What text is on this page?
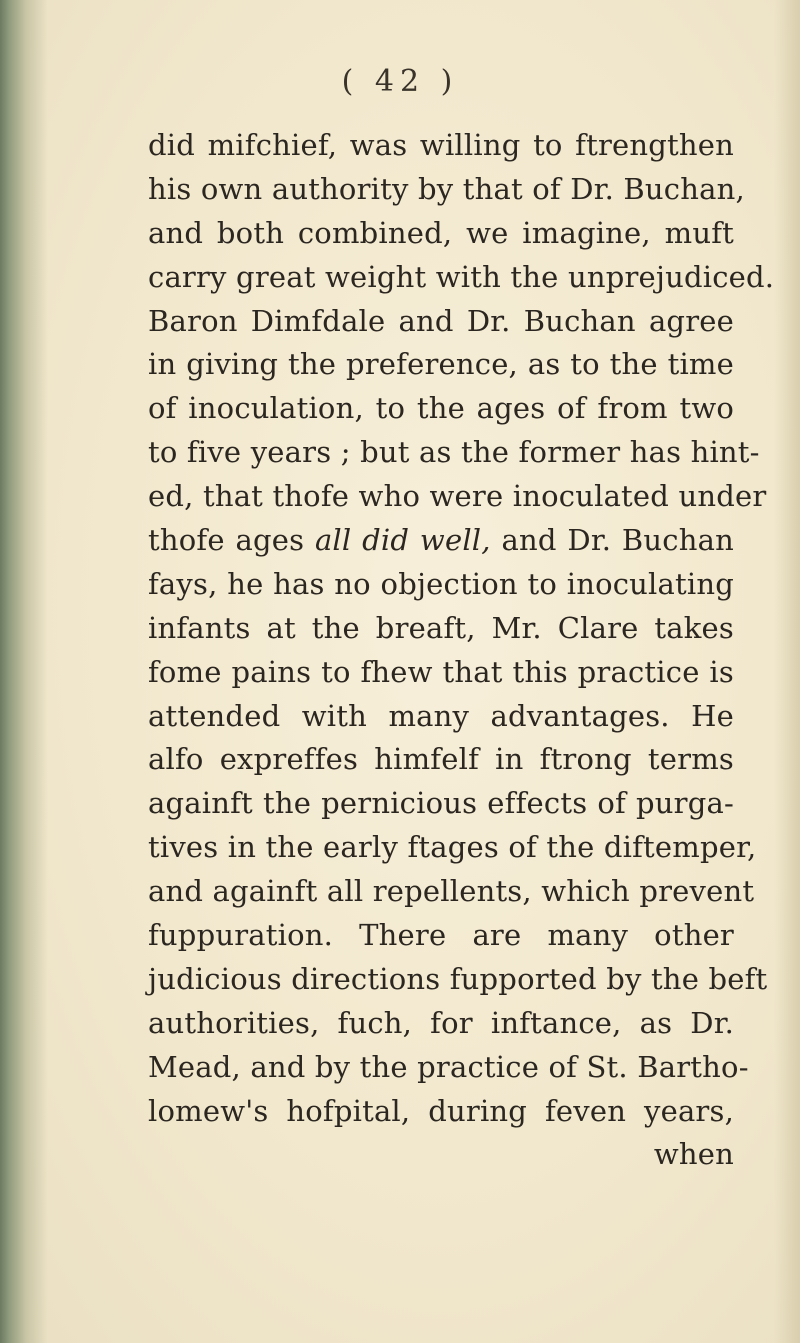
( 42 )
did mifchief, was willing to ftrengthen
his own authority by that of Dr. Buchan,
and both combined, we imagine, muft
carry great weight with the unprejudiced.
Baron Dimfdale and Dr. Buchan agree
in giving the preference, as to the time
of inoculation, to the ages of from two
to five years ; but as the former has hint-
ed, that thofe who were inoculated under
thofe ages all did well, and Dr. Buchan
fays, he has no objection to inoculating
infants at the breaft, Mr. Clare takes
fome pains to fhew that this practice is
attended with many advantages. He
alfo expreffes himfelf in ftrong terms
againft the pernicious effects of purga-
tives in the early ftages of the diftemper,
and againft all repellents, which prevent
fuppuration. There are many other
judicious directions fupported by the beft
authorities, fuch, for inftance, as Dr.
Mead, and by the practice of St. Bartho-
lomew's hofpital, during feven years,
when
